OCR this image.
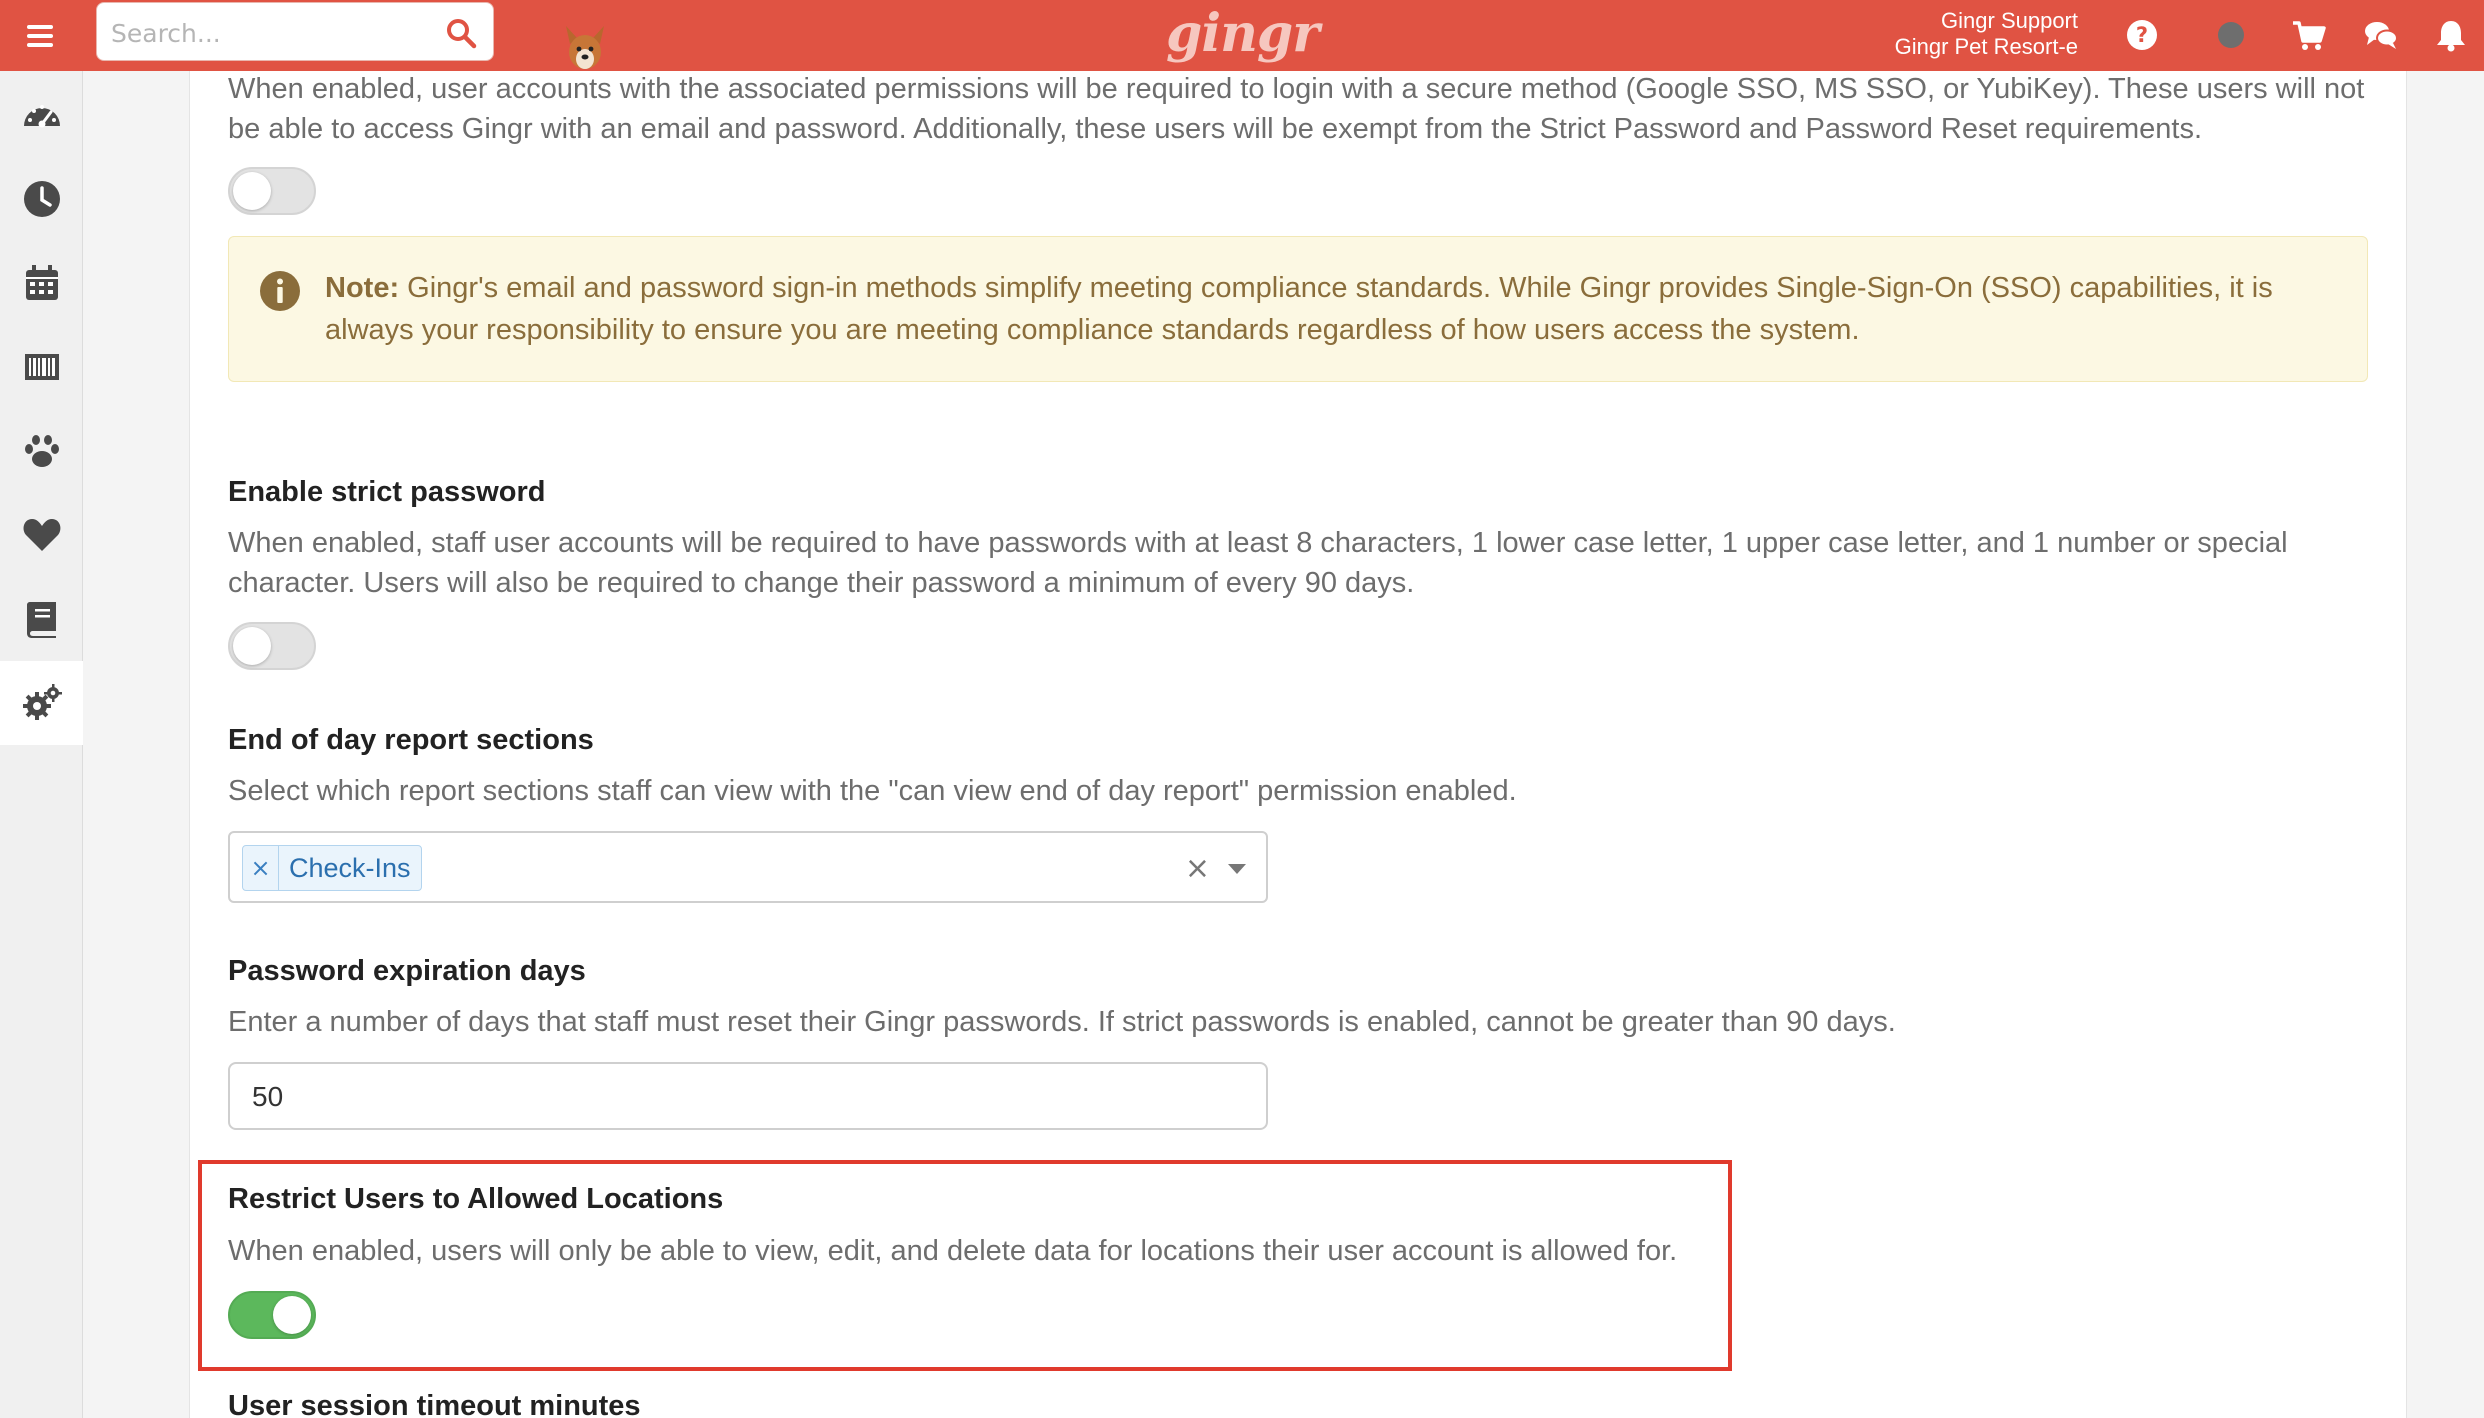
Search...
gingr	Gingr Support
Gingr Pet Resort-e	?
When enabled, user accounts with the associated permissions will be required to login with a secure method (Google SSO, MS SSO, or YubiKey). These users will not
be able to access Gingr with an email and password. Additionally, these users will be exempt from the Strict Password and Password Reset requirements.
Note: Gingr's email and password sign-in methods simplify meeting compliance standards. While Gingr provides Single-Sign-On (SSO) capabilities, it is
always your responsibility to ensure you are meeting compliance standards regardless of how users access the system.
Enable strict password
When enabled, staff user accounts will be required to have passwords with at least 8 characters, 1 lower case letter, 1 upper case letter, and 1 number or special
character. Users will also be required to change their password a minimum of every 90 days.
End of day report sections
Select which report sections staff can view with the "can view end of day report" permission enabled.
× Check-Ins	×
Password expiration days
Enter a number of days that staff must reset their Gingr passwords. If strict passwords is enabled, cannot be greater than 90 days.
50
Restrict Users to Allowed Locations
When enabled, users will only be able to view, edit, and delete data for locations their user account is allowed for.
User session timeout minutes
